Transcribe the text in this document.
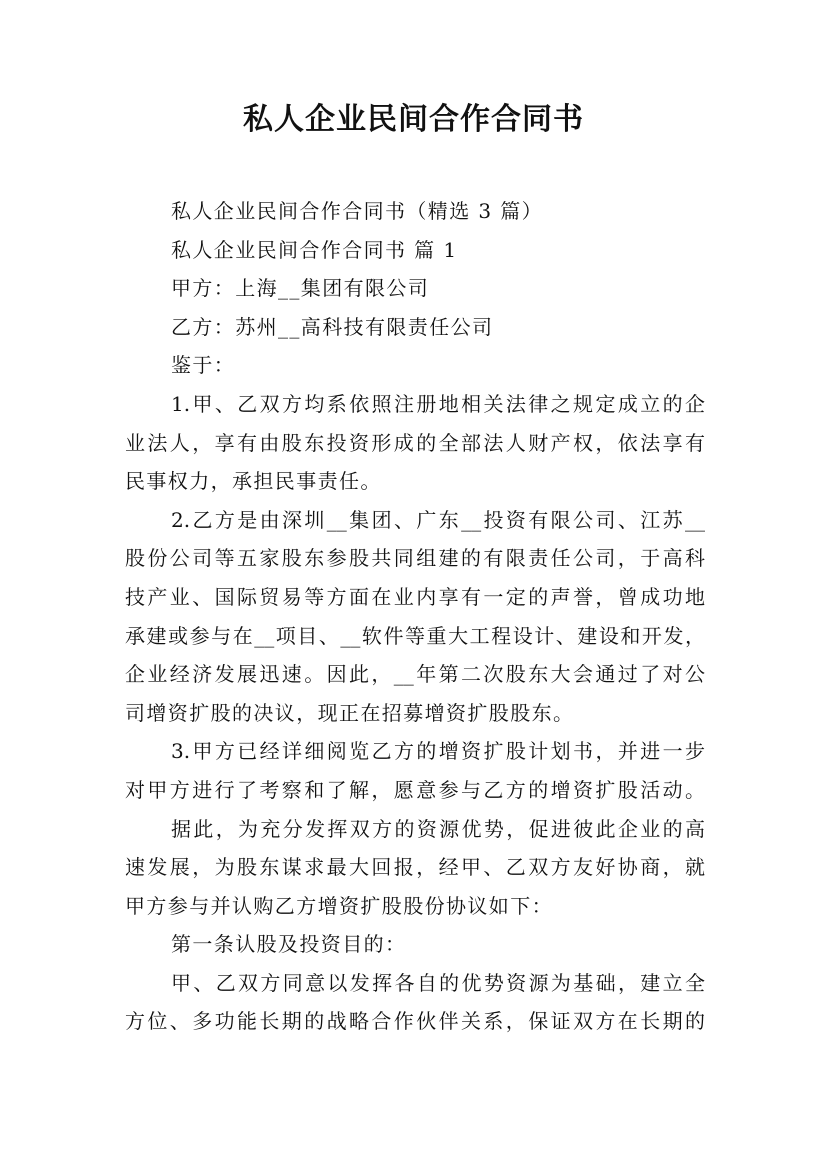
私人企业民间合作合同书

私人企业民间合作合同书（精选 3 篇）

私人企业民间合作合同书 篇 1

甲方：上海__集团有限公司

乙方：苏州__高科技有限责任公司

鉴于：

1.甲、乙双方均系依照注册地相关法律之规定成立的企

业法人，享有由股东投资形成的全部法人财产权，依法享有

民事权力，承担民事责任。

2.乙方是由深圳__集团、广东__投资有限公司、江苏__

股份公司等五家股东参股共同组建的有限责任公司，于高科

技产业、国际贸易等方面在业内享有一定的声誉，曾成功地

承建或参与在__项目、__软件等重大工程设计、建设和开发，

企业经济发展迅速。因此，__年第二次股东大会通过了对公

司增资扩股的决议，现正在招募增资扩股股东。

3.甲方已经详细阅览乙方的增资扩股计划书，并进一步

对甲方进行了考察和了解，愿意参与乙方的增资扩股活动。

据此，为充分发挥双方的资源优势，促进彼此企业的高

速发展，为股东谋求最大回报，经甲、乙双方友好协商，就

甲方参与并认购乙方增资扩股股份协议如下：

第一条认股及投资目的：

甲、乙双方同意以发挥各自的优势资源为基础，建立全

方位、多功能长期的战略合作伙伴关系，保证双方在长期的
